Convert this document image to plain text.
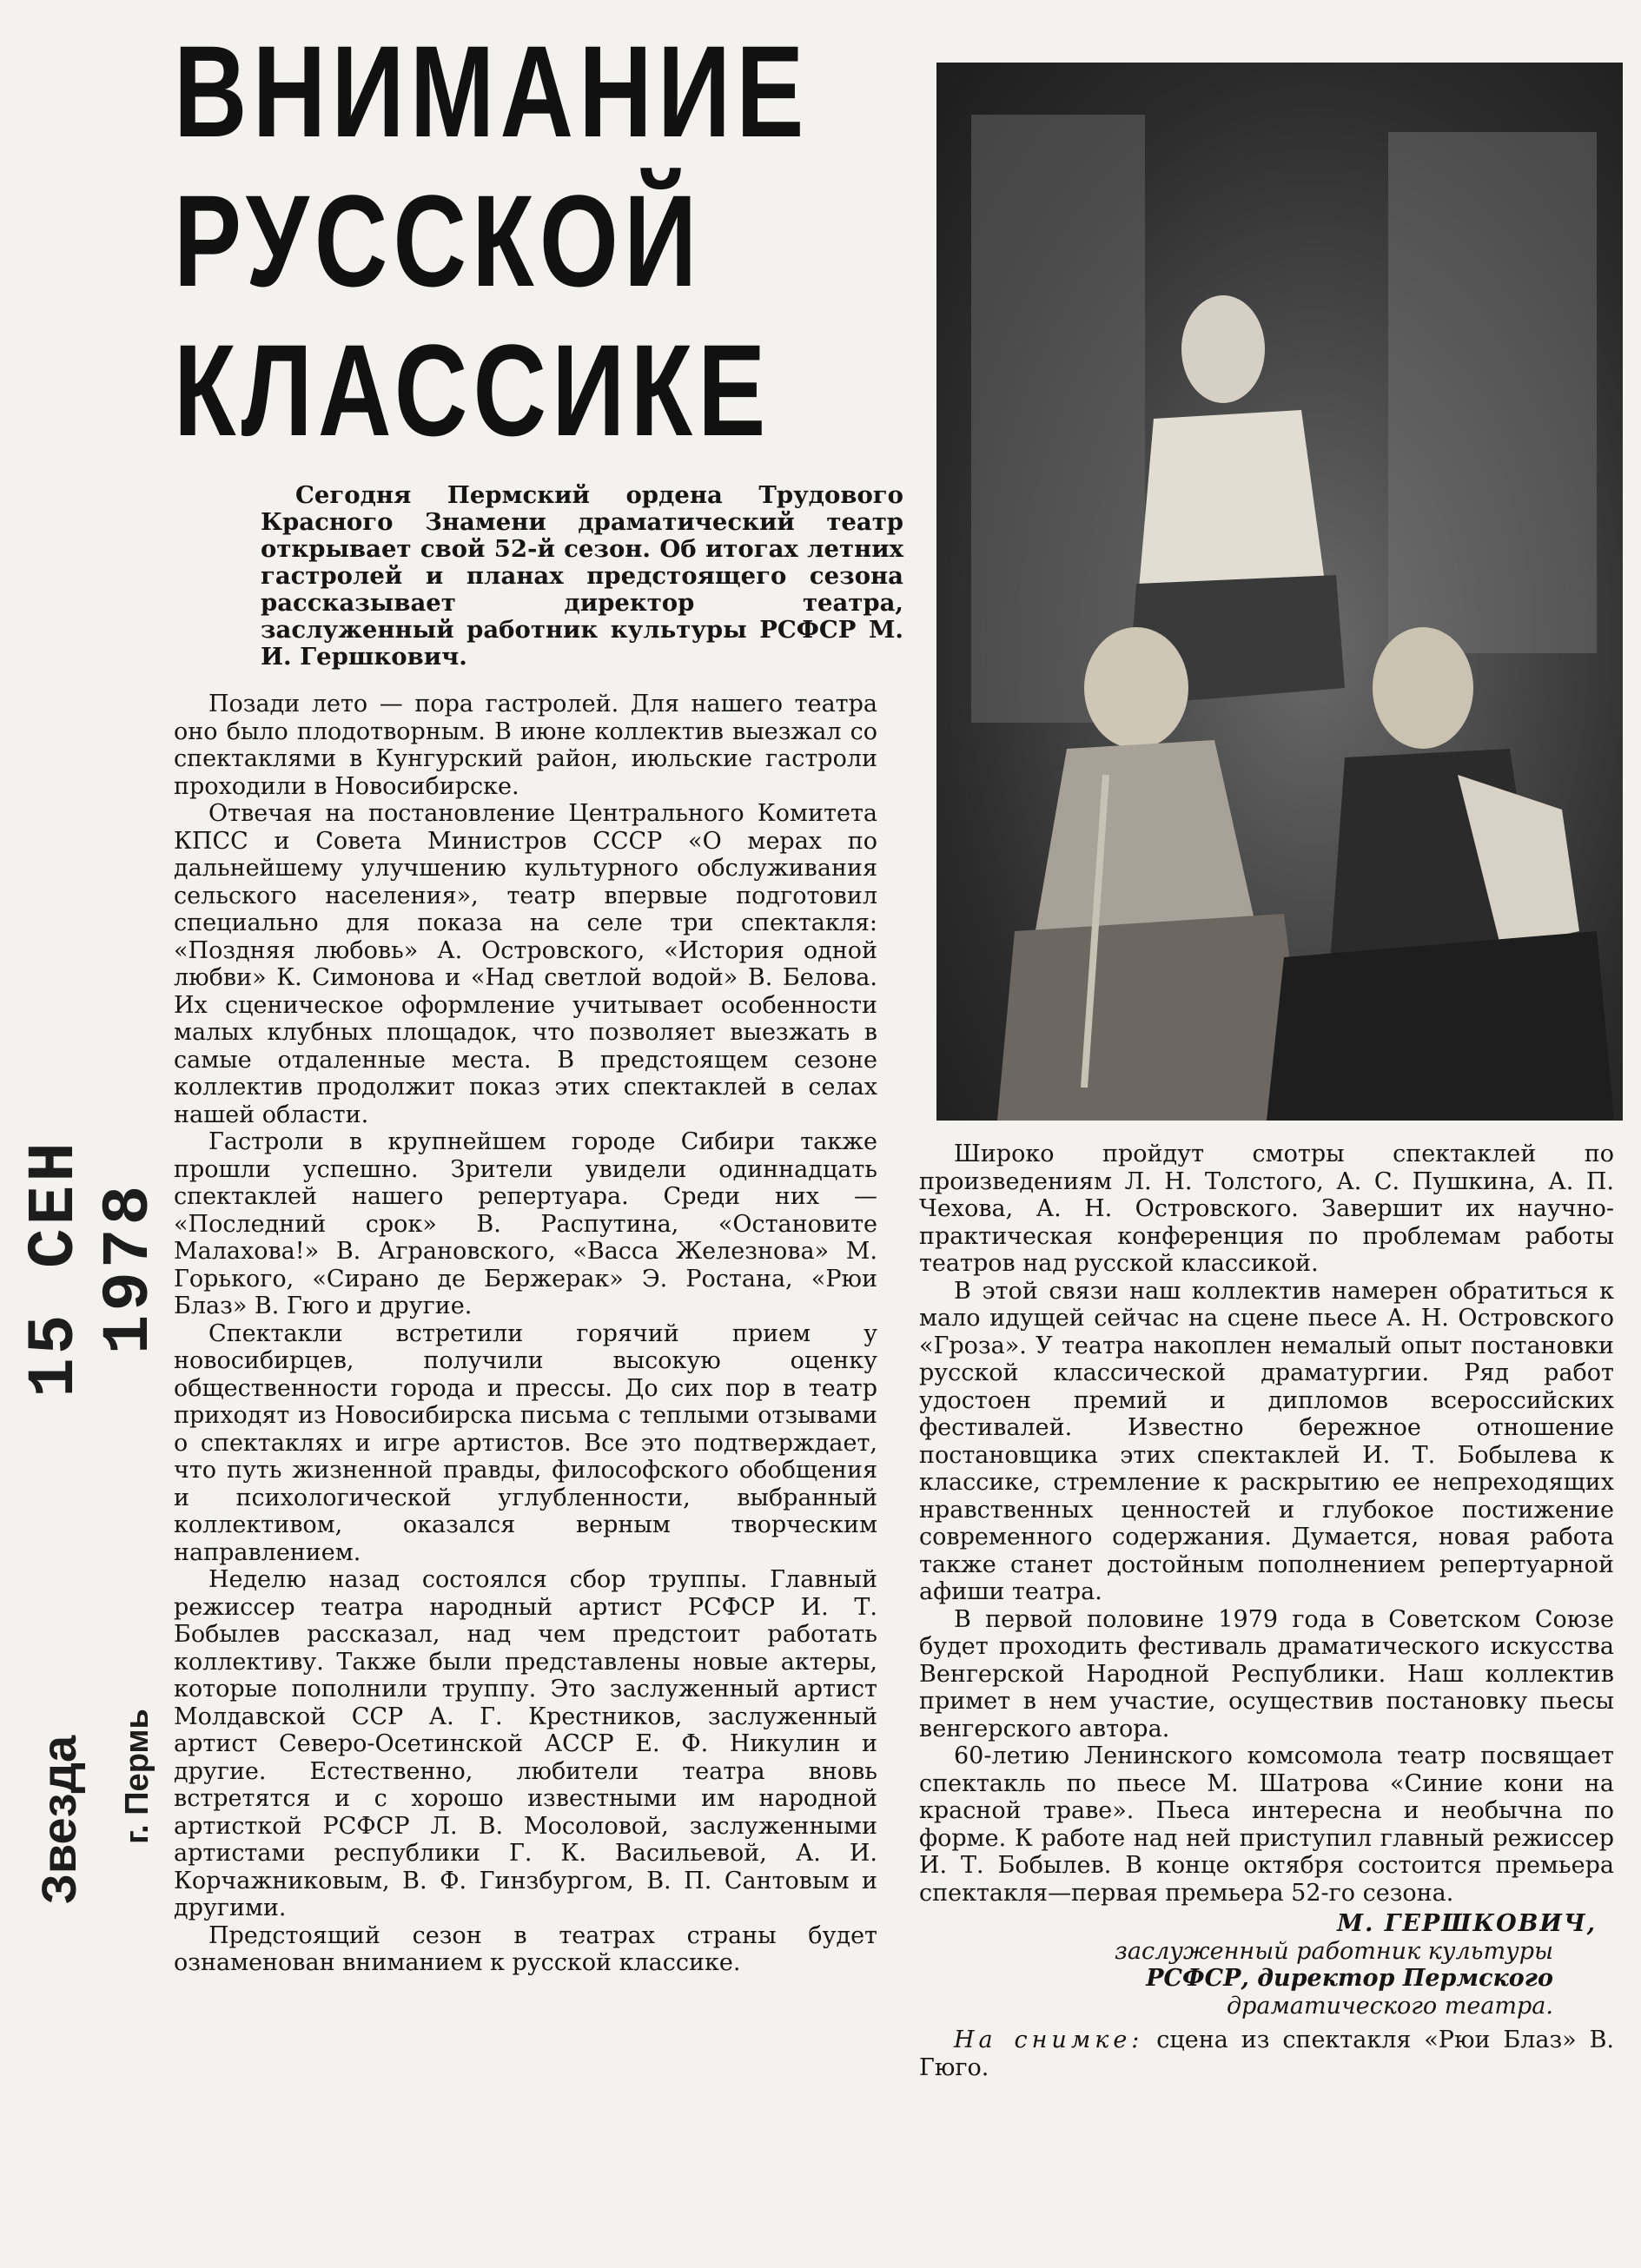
15 СЕН 1978
Звезда г. Пермь
ВНИМАНИЕ
РУССКОЙ
КЛАССИКЕ
Сегодня Пермский ордена Трудового Красного Знамени драматический театр открывает свой 52-й сезон. Об итогах летних гастролей и планах предстоящего сезона рассказывает директор театра, заслуженный работник культуры РСФСР М. И. Гершкович.

Позади лето — пора гастролей. Для нашего театра оно было плодотворным. В июне коллектив выезжал со спектаклями в Кунгурский район, июльские гастроли проходили в Новосибирске.

Отвечая на постановление Центрального Комитета КПСС и Совета Министров СССР «О мерах по дальнейшему улучшению культурного обслуживания сельского населения», театр впервые подготовил специально для показа на селе три спектакля: «Поздняя любовь» А. Островского, «История одной любви» К. Симонова и «Над светлой водой» В. Белова. Их сценическое оформление учитывает особенности малых клубных площадок, что позволяет выезжать в самые отдаленные места. В предстоящем сезоне коллектив продолжит показ этих спектаклей в селах нашей области.

Гастроли в крупнейшем городе Сибири также прошли успешно. Зрители увидели одиннадцать спектаклей нашего репертуара. Среди них — «Последний срок» В. Распутина, «Остановите Малахова!» В. Аграновского, «Васса Железнова» М. Горького, «Сирано де Бержерак» Э. Ростана, «Рюи Блаз» В. Гюго и другие.

Спектакли встретили горячий прием у новосибирцев, получили высокую оценку общественности города и прессы. До сих пор в театр приходят из Новосибирска письма с теплыми отзывами о спектаклях и игре артистов. Все это подтверждает, что путь жизненной правды, философского обобщения и психологической углубленности, выбранный коллективом, оказался верным творческим направлением.

Неделю назад состоялся сбор труппы. Главный режиссер театра народный артист РСФСР И. Т. Бобылев рассказал, над чем предстоит работать коллективу. Также были представлены новые актеры, которые пополнили труппу. Это заслуженный артист Молдавской ССР А. Г. Крестников, заслуженный артист Северо-Осетинской АССР Е. Ф. Никулин и другие. Естественно, любители театра вновь встретятся и с хорошо известными им народной артисткой РСФСР Л. В. Мосоловой, заслуженными артистами республики Г. К. Васильевой, А. И. Корчажниковым, В. Ф. Гинзбургом, В. П. Сантовым и другими.

Предстоящий сезон в театрах страны будет ознаменован вниманием к русской классике.

Широко пройдут смотры спектаклей по произведениям Л. Н. Толстого, А. С. Пушкина, А. П. Чехова, А. Н. Островского. Завершит их научно-практическая конференция по проблемам работы театров над русской классикой.

В этой связи наш коллектив намерен обратиться к мало идущей сейчас на сцене пьесе А. Н. Островского «Гроза». У театра накоплен немалый опыт постановки русской классической драматургии. Ряд работ удостоен премий и дипломов всероссийских фестивалей. Известно бережное отношение постановщика этих спектаклей И. Т. Бобылева к классике, стремление к раскрытию ее непреходящих нравственных ценностей и глубокое постижение современного содержания. Думается, новая работа также станет достойным пополнением репертуарной афиши театра.

В первой половине 1979 года в Советском Союзе будет проходить фестиваль драматического искусства Венгерской Народной Республики. Наш коллектив примет в нем участие, осуществив постановку пьесы венгерского автора.

60-летию Ленинского комсомола театр посвящает спектакль по пьесе М. Шатрова «Синие кони на красной траве». Пьеса интересна и необычна по форме. К работе над ней приступил главный режиссер И. Т. Бобылев. В конце октября состоится премьера спектакля—первая премьера 52-го сезона.

М. ГЕРШКОВИЧ,
заслуженный работник культуры
РСФСР, директор Пермского
драматического театра.
На снимке: сцена из спектакля «Рюи Блаз» В. Гюго.
